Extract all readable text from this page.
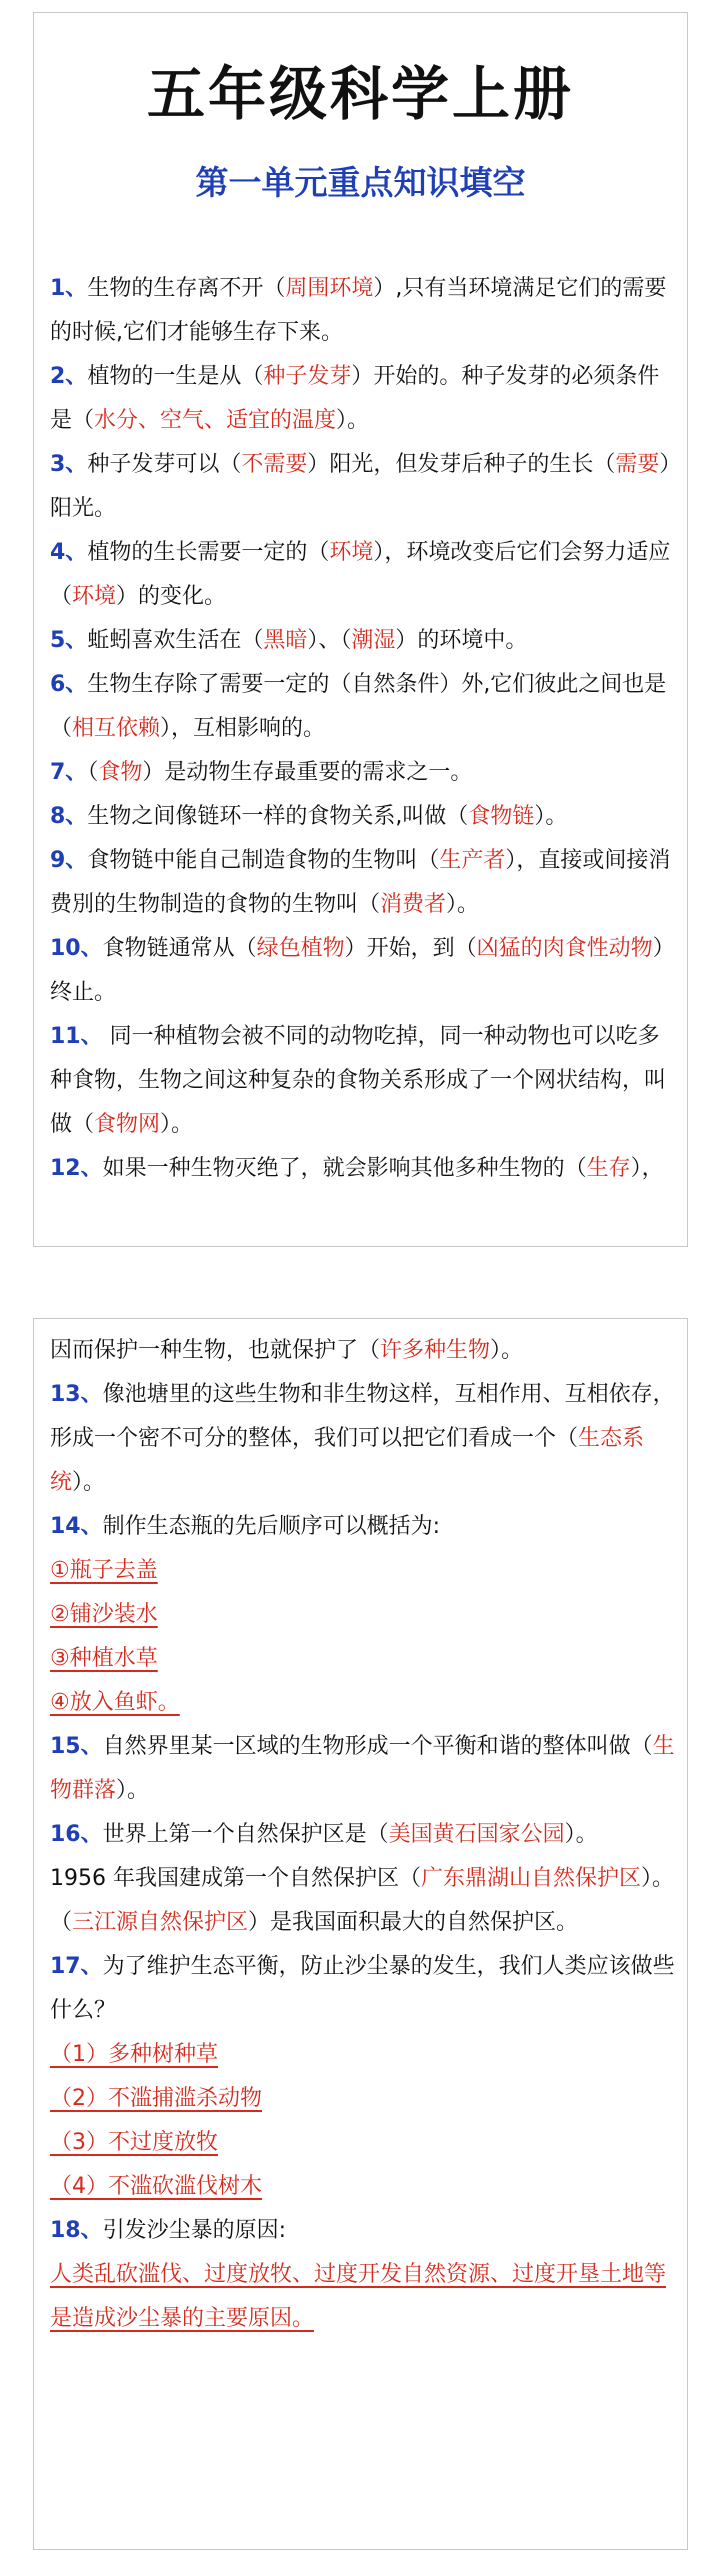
五年级科学上册
第一单元重点知识填空

1、生物的生存离不开（周围环境）,只有当环境满足它们的需要的时候,它们才能够生存下来。

2、植物的一生是从（种子发芽）开始的。种子发芽的必须条件是（水分、空气、适宜的温度）。

3、种子发芽可以（不需要）阳光，但发芽后种子的生长（需要）阳光。

4、植物的生长需要一定的（环境），环境改变后它们会努力适应（环境）的变化。

5、蚯蚓喜欢生活在（黑暗）、（潮湿）的环境中。

6、生物生存除了需要一定的（自然条件）外,它们彼此之间也是（相互依赖），互相影响的。

7、（食物）是动物生存最重要的需求之一。

8、生物之间像链环一样的食物关系,叫做（食物链）。

9、食物链中能自己制造食物的生物叫（生产者），直接或间接消费別的生物制造的食物的生物叫（消费者）。

10、食物链通常从（绿色植物）开始，到（凶猛的肉食性动物）终止。

11、 同一种植物会被不同的动物吃掉，同一种动物也可以吃多种食物，生物之间这种复杂的食物关系形成了一个网状结构，叫做（食物网）。

12、如果一种生物灭绝了，就会影响其他多种生物的（生存），

因而保护一种生物，也就保护了（许多种生物）。

13、像池塘里的这些生物和非生物这样，互相作用、互相依存，形成一个密不可分的整体，我们可以把它们看成一个（生态系统）。

14、制作生态瓶的先后顺序可以概括为:

①瓶子去盖

②铺沙装水

③种植水草

④放入鱼虾。

15、自然界里某一区域的生物形成一个平衡和谐的整体叫做（生物群落）。

16、世界上第一个自然保护区是（美国黄石国家公园）。

1956 年我国建成第一个自然保护区（广东鼎湖山自然保护区）。

（三江源自然保护区）是我国面积最大的自然保护区。

17、为了维护生态平衡，防止沙尘暴的发生，我们人类应该做些什么？

（1）多种树种草

（2）不滥捕滥杀动物

（3）不过度放牧

（4）不滥砍滥伐树木

18、引发沙尘暴的原因:

人类乱砍滥伐、过度放牧、过度开发自然资源、过度开垦土地等是造成沙尘暴的主要原因。
